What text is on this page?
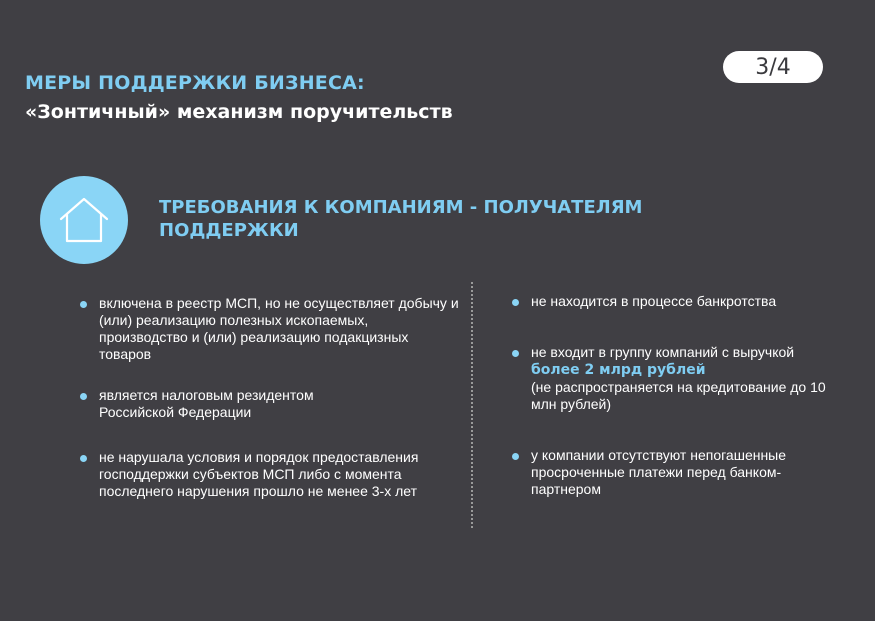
3/4
МЕРЫ ПОДДЕРЖКИ БИЗНЕСА:
«Зонтичный» механизм поручительств
ТРЕБОВАНИЯ К КОМПАНИЯМ - ПОЛУЧАТЕЛЯМ ПОДДЕРЖКИ

включена в реестр МСП, но не осуществляет добычу и (или) реализацию полезных ископаемых, производство и (или) реализацию подакцизных товаров

является налоговым резидентом Российской Федерации

не нарушала условия и порядок предоставления господдержки субъектов МСП либо с момента последнего нарушения прошло не менее 3-х лет

не находится в процессе банкротства

не входит в группу компаний с выручкой более 2 млрд рублей
(не распространяется на кредитование до 10 млн рублей)

у компании отсутствуют непогашенные просроченные платежи перед банком-партнером
